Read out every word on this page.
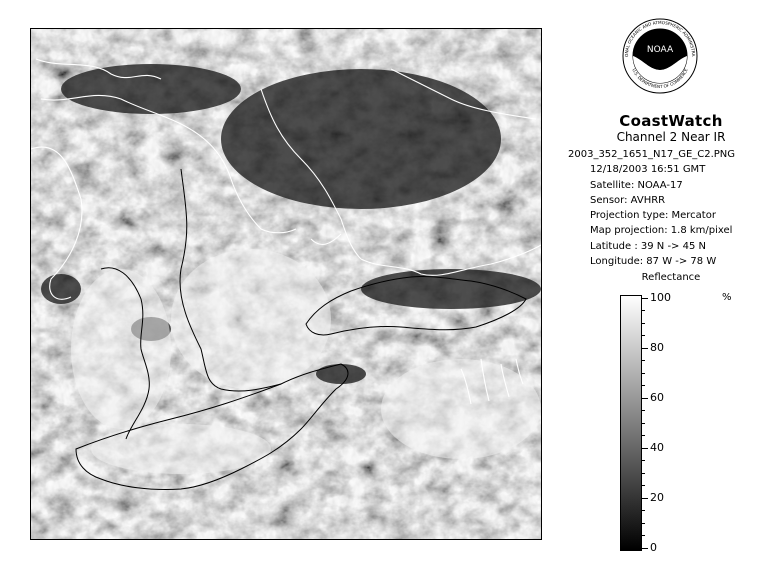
NOAA
ONAL OCEANIC AND ATMOSPHERIC ADMINISTRA
U.S. DEPARTMENT OF COMMERCE
CoastWatch
Channel 2 Near IR
2003_352_1651_N17_GE_C2.PNG
12/18/2003 16:51 GMT
Satellite: NOAA-17
Sensor: AVHRR
Projection type: Mercator
Map projection: 1.8 km/pixel
Latitude : 39 N -> 45 N
Longitude: 87 W -> 78 W
Reflectance
100
80
60
40
20
0
%
